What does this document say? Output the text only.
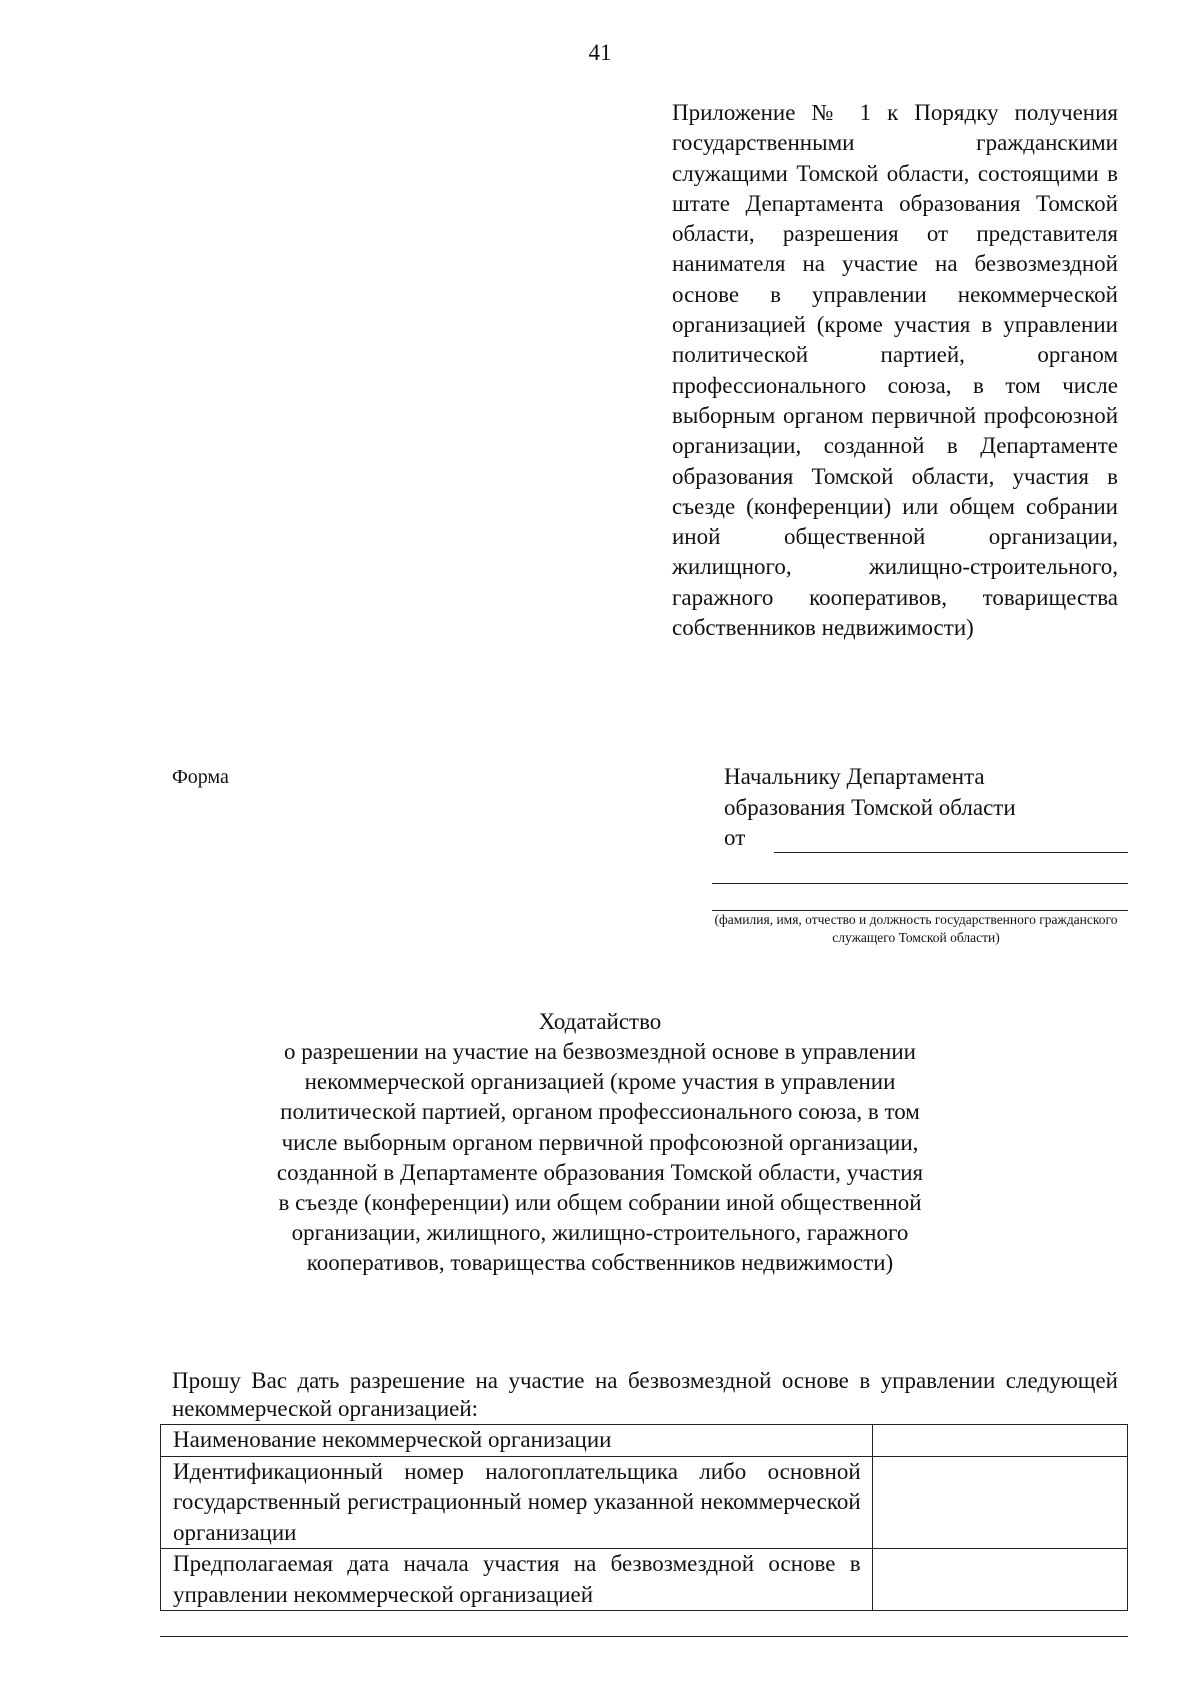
41
Приложение № 1 к Порядку получения государственными гражданскими служащими Томской области, состоящими в штате Департамента образования Томской области, разрешения от представителя нанимателя на участие на безвозмездной основе в управлении некоммерческой организацией (кроме участия в управлении политической партией, органом профессионального союза, в том числе выборным органом первичной профсоюзной организации, созданной в Департаменте образования Томской области, участия в съезде (конференции) или общем собрании иной общественной организации, жилищного, жилищно-строительного, гаражного кооперативов, товарищества собственников недвижимости)
Форма	Начальнику Департамента
образования Томской области
от
(фамилия, имя, отчество и должность государственного гражданского служащего Томской области)
Ходатайство
о разрешении на участие на безвозмездной основе в управлении некоммерческой организацией (кроме участия в управлении политической партией, органом профессионального союза, в том числе выборным органом первичной профсоюзной организации, созданной в Департаменте образования Томской области, участия в съезде (конференции) или общем собрании иной общественной организации, жилищного, жилищно-строительного, гаражного кооперативов, товарищества собственников недвижимости)
Прошу Вас дать разрешение на участие на безвозмездной основе в управлении следующей некоммерческой организацией:
Наименование некоммерческой организации	
Идентификационный номер налогоплательщика либо основной государственный регистрационный номер указанной некоммерческой организации	
Предполагаемая дата начала участия на безвозмездной основе в управлении некоммерческой организацией	
